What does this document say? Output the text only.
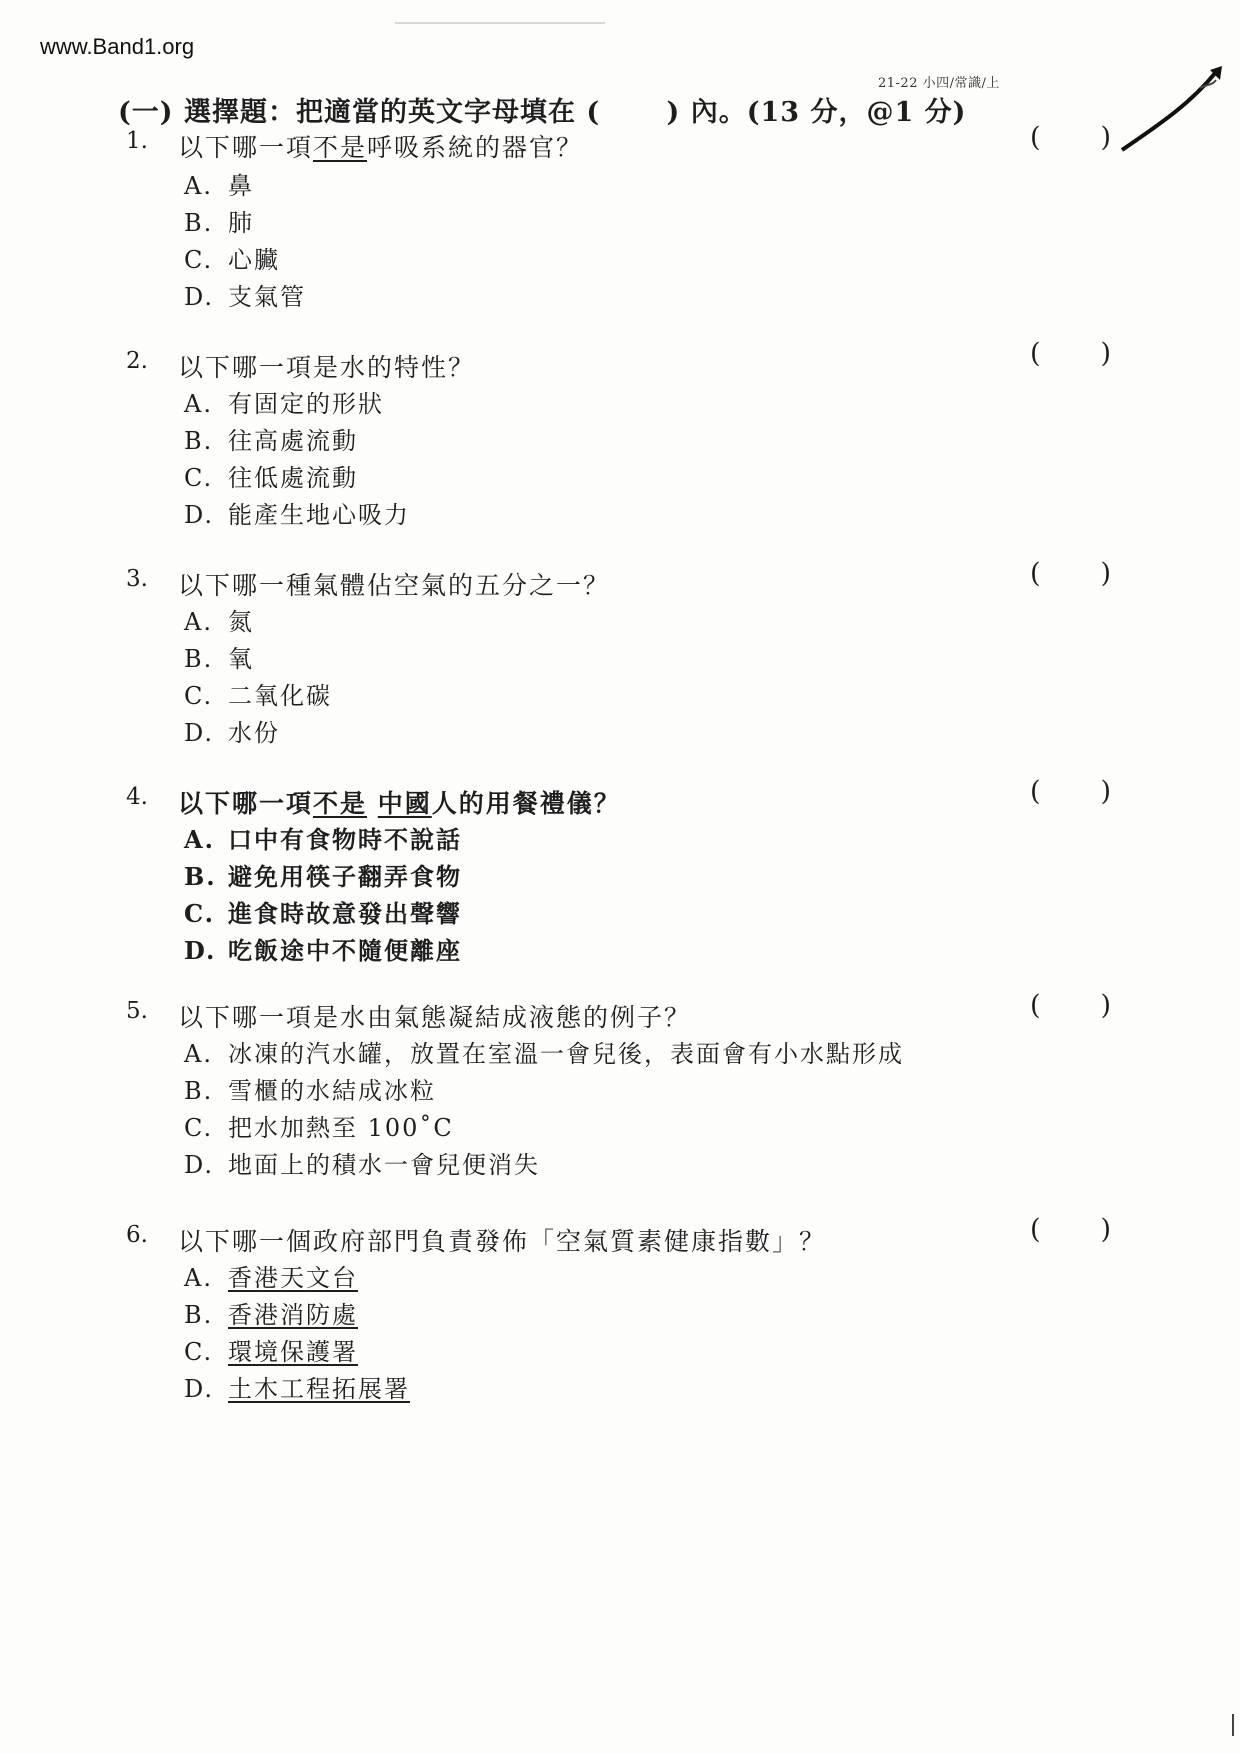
www.Band1.org
21-22 小四/常識/上
(一) 選擇題：把適當的英文字母填在 (　　 ) 內。(13 分，@1 分)
1. 以下哪一項不是呼吸系統的器官？	( )
A. 鼻
B. 肺
C. 心臟
D. 支氣管
2. 以下哪一項是水的特性？	( )
A. 有固定的形狀
B. 往高處流動
C. 往低處流動
D. 能產生地心吸力
3. 以下哪一種氣體佔空氣的五分之一？	( )
A. 氮
B. 氧
C. 二氧化碳
D. 水份
4. 以下哪一項不是 中國人的用餐禮儀？	( )
A. 口中有食物時不說話
B. 避免用筷子翻弄食物
C. 進食時故意發出聲響
D. 吃飯途中不隨便離座
5. 以下哪一項是水由氣態凝結成液態的例子？	( )
A. 冰凍的汽水罐，放置在室溫一會兒後，表面會有小水點形成
B. 雪櫃的水結成冰粒
C. 把水加熱至 100˚C
D. 地面上的積水一會兒便消失
6. 以下哪一個政府部門負責發佈「空氣質素健康指數」？	( )
A. 香港天文台
B. 香港消防處
C. 環境保護署
D. 土木工程拓展署
